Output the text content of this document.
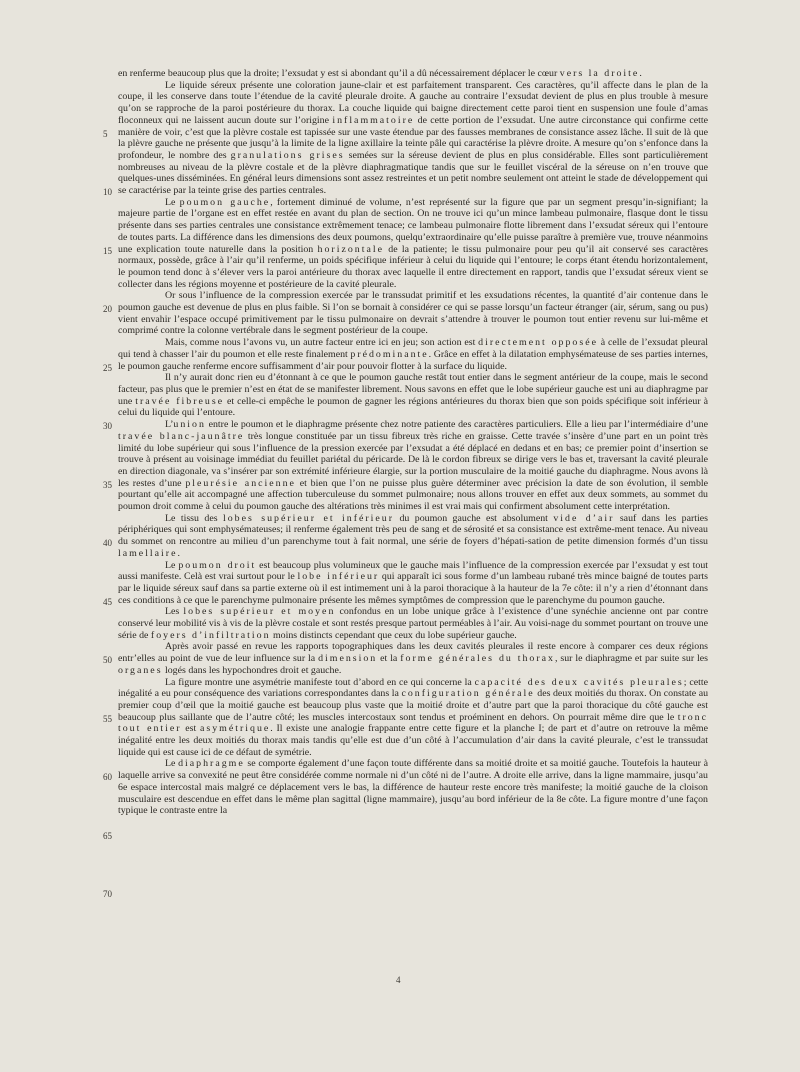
5
10
15
20
25
30
35
40
45
50
55
60
65
70

en renferme beaucoup plus que la droite; l’exsudat y est si abondant qu’il a dû nécessairement déplacer le cœur vers la droite.

Le liquide séreux présente une coloration jaune-clair et est parfaitement transparent. Ces caractères, qu’il affecte dans le plan de la coupe, il les conserve dans toute l’étendue de la cavité pleurale droite. A gauche au contraire l’exsudat devient de plus en plus trouble à mesure qu’on se rapproche de la paroi postérieure du thorax. La couche liquide qui baigne directement cette paroi tient en suspension une foule d’amas floconneux qui ne laissent aucun doute sur l’origine inflammatoire de cette portion de l’exsudat. Une autre circonstance qui confirme cette manière de voir, c’est que la plèvre costale est tapissée sur une vaste étendue par des fausses membranes de consistance assez lâche. Il suit de là que la plèvre gauche ne présente que jusqu’à la limite de la ligne axillaire la teinte pâle qui caractérise la plèvre droite. A mesure qu’on s’enfonce dans la profondeur, le nombre des granulations grises semées sur la séreuse devient de plus en plus considérable. Elles sont particulièrement nombreuses au niveau de la plèvre costale et de la plèvre diaphragmatique tandis que sur le feuillet viscéral de la séreuse on n’en trouve que quelques-unes disséminées. En général leurs dimensions sont assez restreintes et un petit nombre seulement ont atteint le stade de développement qui se caractérise par la teinte grise des parties centrales.

Le poumon gauche, fortement diminué de volume, n’est représenté sur la figure que par un segment presqu’in-signifiant; la majeure partie de l’organe est en effet restée en avant du plan de section. On ne trouve ici qu’un mince lambeau pulmonaire, flasque dont le tissu présente dans ses parties centrales une consistance extrêmement tenace; ce lambeau pulmonaire flotte librement dans l’exsudat séreux qui l’entoure de toutes parts. La différence dans les dimensions des deux poumons, quelqu’extraordinaire qu’elle puisse paraître à première vue, trouve néanmoins une explication toute naturelle dans la position horizontale de la patiente; le tissu pulmonaire pour peu qu’il ait conservé ses caractères normaux, possède, grâce à l’air qu’il renferme, un poids spécifique inférieur à celui du liquide qui l’entoure; le corps étant étendu horizontalement, le poumon tend donc à s’élever vers la paroi antérieure du thorax avec laquelle il entre directement en rapport, tandis que l’exsudat séreux vient se collecter dans les régions moyenne et postérieure de la cavité pleurale.

Or sous l’influence de la compression exercée par le transsudat primitif et les exsudations récentes, la quantité d’air contenue dans le poumon gauche est devenue de plus en plus faible. Si l’on se bornait à considérer ce qui se passe lorsqu’un facteur étranger (air, sérum, sang ou pus) vient envahir l’espace occupé primitivement par le tissu pulmonaire on devrait s’attendre à trouver le poumon tout entier revenu sur lui-même et comprimé contre la colonne vertébrale dans le segment postérieur de la coupe.

Mais, comme nous l’avons vu, un autre facteur entre ici en jeu; son action est directement opposée à celle de l’exsudat pleural qui tend à chasser l’air du poumon et elle reste finalement prédominante. Grâce en effet à la dilatation emphysémateuse de ses parties internes, le poumon gauche renferme encore suffisamment d’air pour pouvoir flotter à la surface du liquide.

Il n’y aurait donc rien eu d’étonnant à ce que le poumon gauche restât tout entier dans le segment antérieur de la coupe, mais le second facteur, pas plus que le premier n’est en état de se manifester librement. Nous savons en effet que le lobe supérieur gauche est uni au diaphragme par une travée fibreuse et celle-ci empêche le poumon de gagner les régions antérieures du thorax bien que son poids spécifique soit inférieur à celui du liquide qui l’entoure.

L’union entre le poumon et le diaphragme présente chez notre patiente des caractères particuliers. Elle a lieu par l’intermédiaire d’une travée blanc-jaunâtre très longue constituée par un tissu fibreux très riche en graisse. Cette travée s’insère d’une part en un point très limité du lobe supérieur qui sous l’influence de la pression exercée par l’exsudat a été déplacé en dedans et en bas; ce premier point d’insertion se trouve à présent au voisinage immédiat du feuillet pariétal du péricarde. De là le cordon fibreux se dirige vers le bas et, traversant la cavité pleurale en direction diagonale, va s’insérer par son extrémité inférieure élargie, sur la portion musculaire de la moitié gauche du diaphragme. Nous avons là les restes d’une pleurésie ancienne et bien que l’on ne puisse plus guère déterminer avec précision la date de son évolution, il semble pourtant qu’elle ait accompagné une affection tuberculeuse du sommet pulmonaire; nous allons trouver en effet aux deux sommets, au sommet du poumon droit comme à celui du poumon gauche des altérations très minimes il est vrai mais qui confirment absolument cette interprétation.

Le tissu des lobes supérieur et inférieur du poumon gauche est absolument vide d’air sauf dans les parties périphériques qui sont emphysémateuses; il renferme également très peu de sang et de sérosité et sa consistance est extrême-ment tenace. Au niveau du sommet on rencontre au milieu d’un parenchyme tout à fait normal, une série de foyers d’hépati-sation de petite dimension formés d’un tissu lamellaire.

Le poumon droit est beaucoup plus volumineux que le gauche mais l’influence de la compression exercée par l’exsudat y est tout aussi manifeste. Celà est vrai surtout pour le lobe inférieur qui apparaît ici sous forme d’un lambeau rubané très mince baigné de toutes parts par le liquide séreux sauf dans sa partie externe où il est intimement uni à la paroi thoracique à la hauteur de la 7e côte: il n’y a rien d’étonnant dans ces conditions à ce que le parenchyme pulmonaire présente les mêmes symptômes de compression que le parenchyme du poumon gauche.

Les lobes supérieur et moyen confondus en un lobe unique grâce à l’existence d’une synéchie ancienne ont par contre conservé leur mobilité vis à vis de la plèvre costale et sont restés presque partout perméables à l’air. Au voisi-nage du sommet pourtant on trouve une série de foyers d’infiltration moins distincts cependant que ceux du lobe supérieur gauche.

Après avoir passé en revue les rapports topographiques dans les deux cavités pleurales il reste encore à comparer ces deux régions entr’elles au point de vue de leur influence sur la dimension et la forme générales du thorax, sur le diaphragme et par suite sur les organes logés dans les hypochondres droit et gauche.

La figure montre une asymétrie manifeste tout d’abord en ce qui concerne la capacité des deux cavités pleurales; cette inégalité a eu pour conséquence des variations correspondantes dans la configuration générale des deux moitiés du thorax. On constate au premier coup d’œil que la moitié gauche est beaucoup plus vaste que la moitié droite et d’autre part que la paroi thoracique du côté gauche est beaucoup plus saillante que de l’autre côté; les muscles intercostaux sont tendus et proéminent en dehors. On pourrait même dire que le tronc tout entier est asymétrique. Il existe une analogie frappante entre cette figure et la planche I; de part et d’autre on retrouve la même inégalité entre les deux moitiés du thorax mais tandis qu’elle est due d’un côté à l’accumulation d’air dans la cavité pleurale, c’est le transsudat liquide qui est cause ici de ce défaut de symétrie.

Le diaphragme se comporte également d’une façon toute différente dans sa moitié droite et sa moitié gauche. Toutefois la hauteur à laquelle arrive sa convexité ne peut être considérée comme normale ni d’un côté ni de l’autre. A droite elle arrive, dans la ligne mammaire, jusqu’au 6e espace intercostal mais malgré ce déplacement vers le bas, la différence de hauteur reste encore très manifeste; la moitié gauche de la cloison musculaire est descendue en effet dans le même plan sagittal (ligne mammaire), jusqu’au bord inférieur de la 8e côte. La figure montre d’une façon typique le contraste entre la

4
